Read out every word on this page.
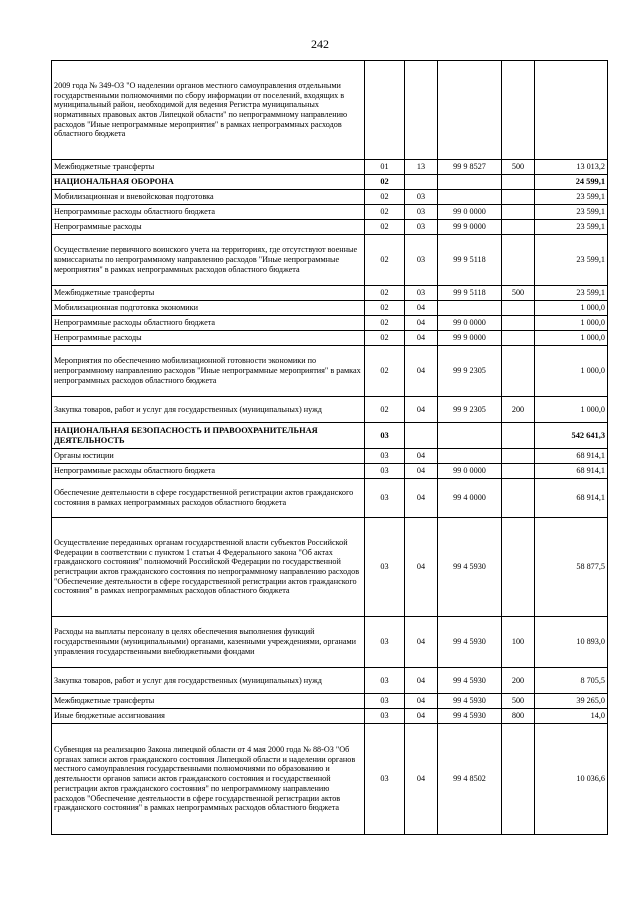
242
2009 года № 349-ОЗ "О наделении органов местного самоуправления отдельными государственными полномочиями по сбору информации от поселений, входящих в муниципальный район, необходимой для ведения Регистра муниципальных нормативных правовых актов Липецкой области" по непрограммному направлению расходов "Иные непрограммные мероприятия" в рамках непрограммных расходов областного бюджета					
Межбюджетные трансферты	01	13	99 9 8527	500	13 013,2
НАЦИОНАЛЬНАЯ ОБОРОНА	02				24 599,1
Мобилизационная и вневойсковая подготовка	02	03			23 599,1
Непрограммные расходы областного бюджета	02	03	99 0 0000		23 599,1
Непрограммные расходы	02	03	99 9 0000		23 599,1
Осуществление первичного воинского учета на территориях, где отсутствуют военные комиссариаты по непрограммному направлению расходов "Иные непрограммные мероприятия" в рамках непрограммных расходов областного бюджета	02	03	99 9 5118		23 599,1
Межбюджетные трансферты	02	03	99 9 5118	500	23 599,1
Мобилизационная подготовка экономики	02	04			1 000,0
Непрограммные расходы областного бюджета	02	04	99 0 0000		1 000,0
Непрограммные расходы	02	04	99 9 0000		1 000,0
Мероприятия по обеспечению мобилизационной готовности экономики по непрограммному направлению расходов "Иные непрограммные мероприятия" в рамках непрограммных расходов областного бюджета	02	04	99 9 2305		1 000,0
Закупка товаров, работ и услуг для государственных (муниципальных) нужд	02	04	99 9 2305	200	1 000,0
НАЦИОНАЛЬНАЯ БЕЗОПАСНОСТЬ И ПРАВООХРАНИТЕЛЬНАЯ ДЕЯТЕЛЬНОСТЬ	03				542 641,3
Органы юстиции	03	04			68 914,1
Непрограммные расходы областного бюджета	03	04	99 0 0000		68 914,1
Обеспечение деятельности в сфере государственной регистрации актов гражданского состояния в рамках непрограммных расходов областного бюджета	03	04	99 4 0000		68 914,1
Осуществление переданных органам государственной власти субъектов Российской Федерации в соответствии с пунктом 1 статьи 4 Федерального закона "Об актах гражданского состояния" полномочий Российской Федерации по государственной регистрации актов гражданского состояния по непрограммному направлению расходов "Обеспечение деятельности в сфере государственной регистрации актов гражданского состояния" в рамках непрограммных расходов областного бюджета	03	04	99 4 5930		58 877,5
Расходы на выплаты персоналу в целях обеспечения выполнения функций государственными (муниципальными) органами, казенными учреждениями, органами управления государственными внебюджетными фондами	03	04	99 4 5930	100	10 893,0
Закупка товаров, работ и услуг для государственных (муниципальных) нужд	03	04	99 4 5930	200	8 705,5
Межбюджетные трансферты	03	04	99 4 5930	500	39 265,0
Иные бюджетные ассигнования	03	04	99 4 5930	800	14,0
Субвенция на реализацию Закона липецкой области от 4 мая 2000 года № 88-ОЗ "Об органах записи актов гражданского состояния Липецкой области и наделении органов местного самоуправления государственными полномочиями по образованию и деятельности органов записи актов гражданского состояния и государственной регистрации актов гражданского состояния" по непрограммному направлению расходов "Обеспечение деятельности в сфере государственной регистрации актов гражданского состояния" в рамках непрограммных расходов областного бюджета	03	04	99 4 8502		10 036,6
